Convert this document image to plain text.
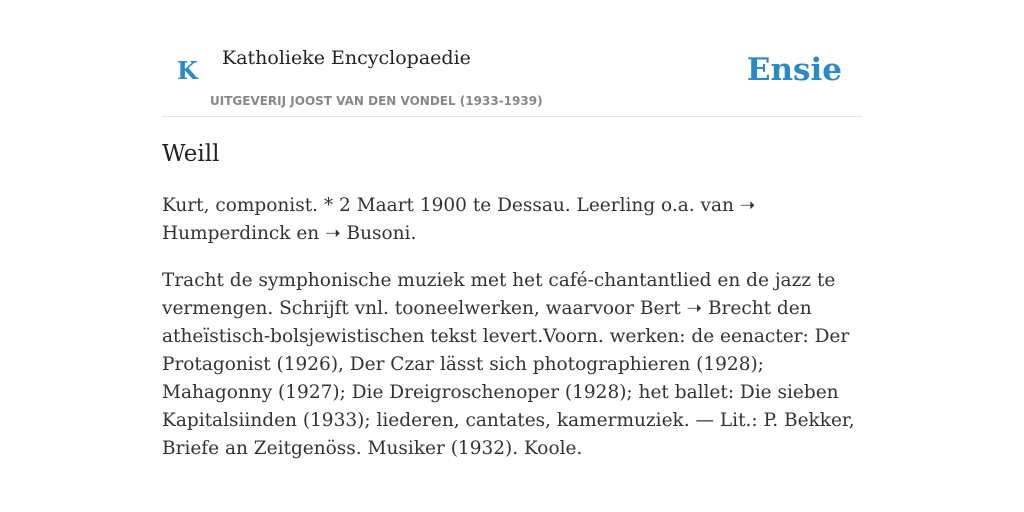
K Katholieke Encyclopaedie
UITGEVERIJ JOOST VAN DEN VONDEL (1933-1939)
Ensie
Weill

Kurt, componist. * 2 Maart 1900 te Dessau. Leerling o.a. van ➝ Humperdinck en ➝ Busoni.

Tracht de symphonische muziek met het café-chantantlied en de jazz te vermengen. Schrijft vnl. tooneelwerken, waarvoor Bert ➝ Brecht den atheïstisch-bolsjewistischen tekst levert.Voorn. werken: de eenacter: Der Protagonist (1926), Der Czar lässt sich photographieren (1928); Mahagonny (1927); Die Dreigroschenoper (1928); het ballet: Die sieben Kapitalsiinden (1933); liederen, cantates, kamermuziek. — Lit.: P. Bekker, Briefe an Zeitgenöss. Musiker (1932). Koole.
